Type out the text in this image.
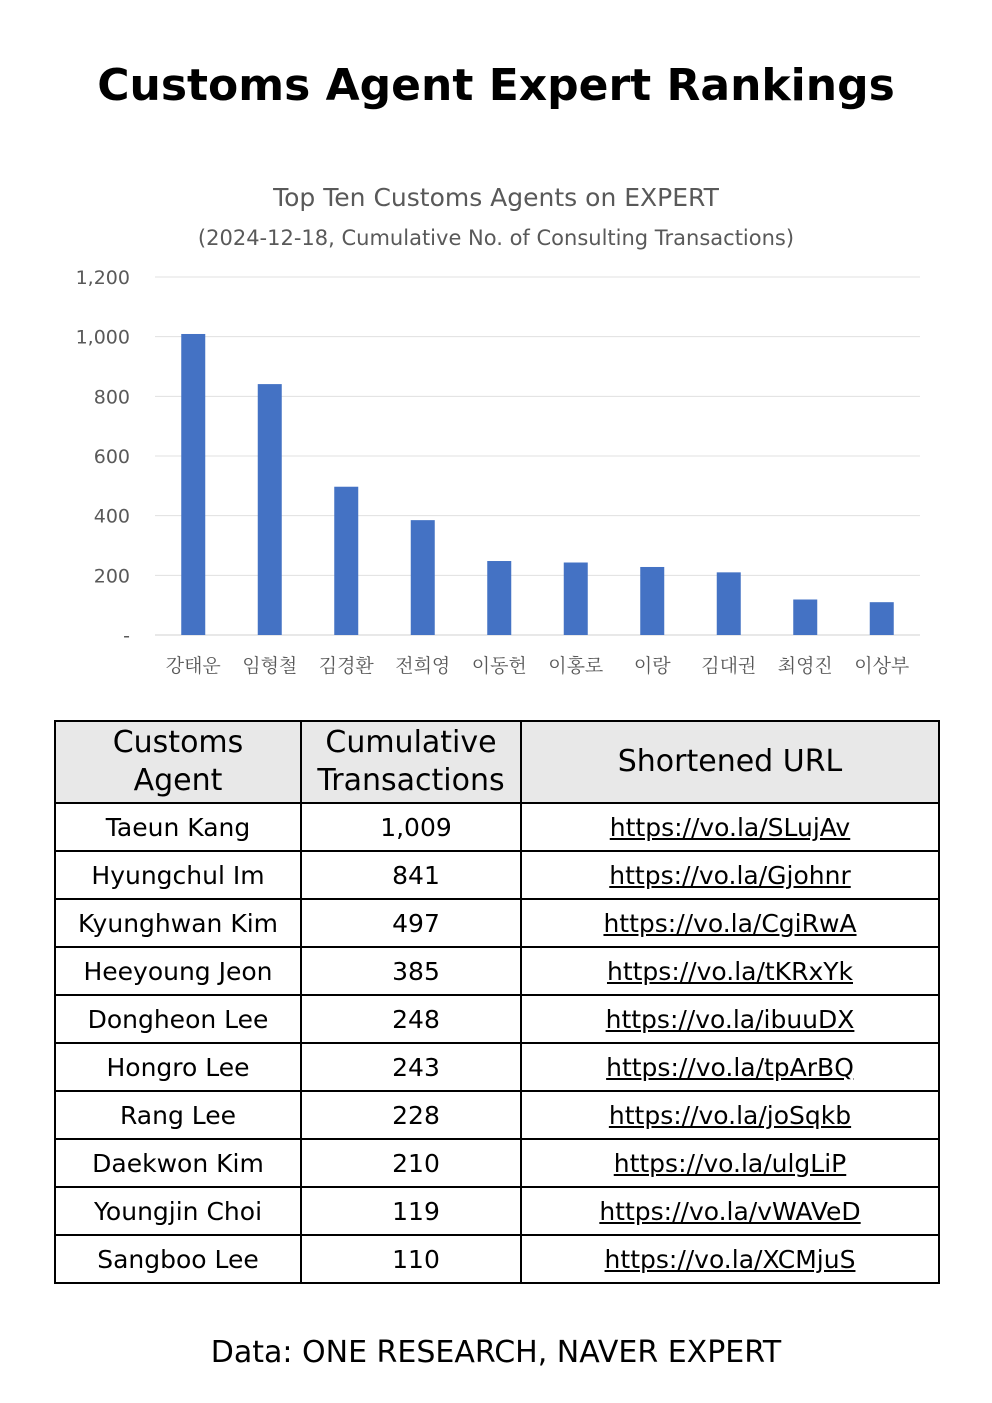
Customs Agent Expert Rankings
Top Ten Customs Agents on EXPERT
(2024-12-18, Cumulative No. of Consulting Transactions)
-
200
400
600
800
1,000
1,200
강태운 임형철 김경환 전희영 이동헌 이홍로 이랑 김대권 최영진 이상부
Customs Agent	Cumulative Transactions	Shortened URL
Taeun Kang	1,009	https://vo.la/SLujAv
Hyungchul Im	841	https://vo.la/Gjohnr
Kyunghwan Kim	497	https://vo.la/CgiRwA
Heeyoung Jeon	385	https://vo.la/tKRxYk
Dongheon Lee	248	https://vo.la/ibuuDX
Hongro Lee	243	https://vo.la/tpArBQ
Rang Lee	228	https://vo.la/joSqkb
Daekwon Kim	210	https://vo.la/ulgLiP
Youngjin Choi	119	https://vo.la/vWAVeD
Sangboo Lee	110	https://vo.la/XCMjuS
Data: ONE RESEARCH, NAVER EXPERT
